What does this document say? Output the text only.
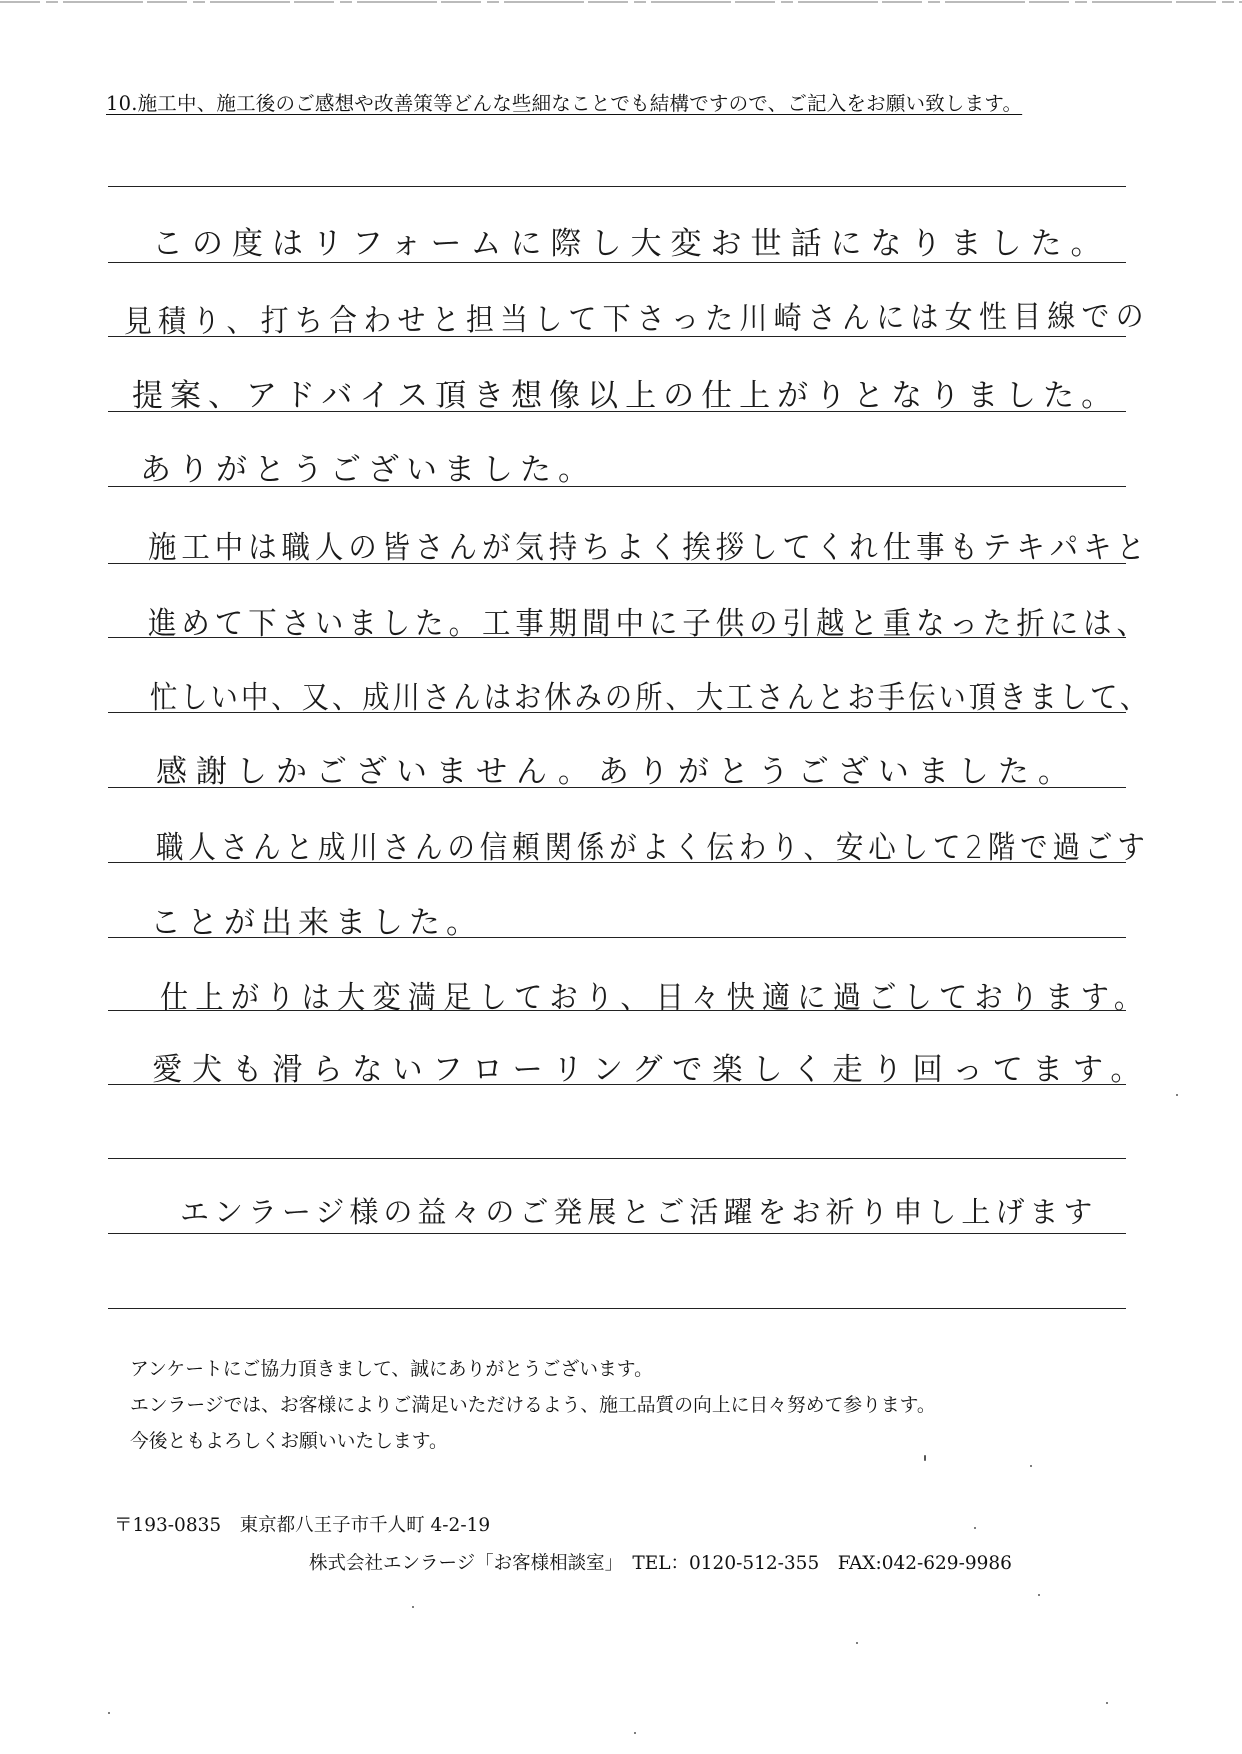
10.施工中、施工後のご感想や改善策等どんな些細なことでも結構ですので、ご記入をお願い致します。
この度はリフォームに際し大変お世話になりました。
見積り、打ち合わせと担当して下さった川崎さんには女性目線での
提案、アドバイス頂き想像以上の仕上がりとなりました。
ありがとうございました。
施工中は職人の皆さんが気持ちよく挨拶してくれ仕事もテキパキと
進めて下さいました。工事期間中に子供の引越と重なった折には、
忙しい中、又、成川さんはお休みの所、大工さんとお手伝い頂きまして、
感謝しかございません。ありがとうございました。
職人さんと成川さんの信頼関係がよく伝わり、安心して2階で過ごす
ことが出来ました。
仕上がりは大変満足しており、日々快適に過ごしております。
愛犬も滑らないフローリングで楽しく走り回ってます。
エンラージ様の益々のご発展とご活躍をお祈り申し上げます
アンケートにご協力頂きまして、誠にありがとうございます。
エンラージでは、お客様によりご満足いただけるよう、施工品質の向上に日々努めて参ります。
今後ともよろしくお願いいたします。
〒193-0835　東京都八王子市千人町 4-2-19
株式会社エンラージ「お客様相談室」　TEL：0120-512-355　FAX:042-629-9986
